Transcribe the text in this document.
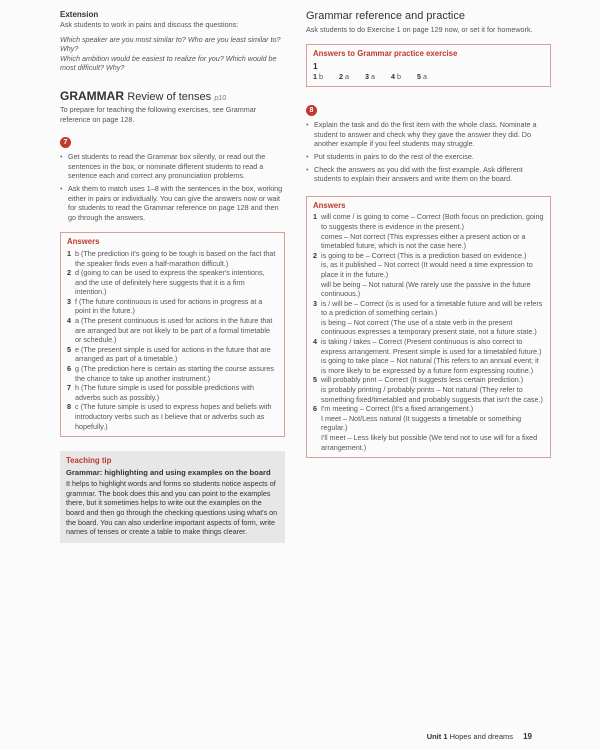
Extension
Ask students to work in pairs and discuss the questions:
Which speaker are you most similar to? Who are you least similar to? Why?
Which ambition would be easiest to realize for you? Which would be most difficult? Why?
GRAMMAR Review of tenses p10
To prepare for teaching the following exercises, see Grammar reference on page 128.
7
• Get students to read the Grammar box silently, or read out the sentences in the box, or nominate different students to read a sentence each and correct any pronunciation problems.
• Ask them to match uses 1–8 with the sentences in the box, working either in pairs or individually. You can give the answers now or wait for students to read the Grammar reference on page 128 and then go through the answers.
Answers
1 b (The prediction it's going to be tough is based on the fact that the speaker finds even a half-marathon difficult.)
2 d (going to can be used to express the speaker's intentions, and the use of definitely here suggests that it is a firm intention.)
3 f (The future continuous is used for actions in progress at a point in the future.)
4 a (The present continuous is used for actions in the future that are arranged but are not likely to be part of a formal timetable or schedule.)
5 e (The present simple is used for actions in the future that are arranged as part of a timetable.)
6 g (The prediction here is certain as starting the course assures the chance to take up another instrument.)
7 h (The future simple is used for possible predictions with adverbs such as possibly.)
8 c (The future simple is used to express hopes and beliefs with introductory verbs such as I believe that or adverbs such as hopefully.)
Teaching tip
Grammar: highlighting and using examples on the board
It helps to highlight words and forms so students notice aspects of grammar. The book does this and you can point to the examples there, but it sometimes helps to write out the examples on the board and then go through the checking questions using what's on the board. You can also underline important aspects of form, write names of tenses or create a table to make things clearer.
Grammar reference and practice
Ask students to do Exercise 1 on page 129 now, or set it for homework.
Answers to Grammar practice exercise
1
1 b 2 a 3 a 4 b 5 a
8
• Explain the task and do the first item with the whole class. Nominate a student to answer and check why they gave the answer they did. Do another example if you feel students may struggle.
• Put students in pairs to do the rest of the exercise.
• Check the answers as you did with the first example. Ask different students to explain their answers and write them on the board.
Answers
1 will come / is going to come – Correct (Both focus on prediction, going to suggests there is evidence in the present.)
comes – Not correct (This expresses either a present action or a timetabled future, which is not the case here.)
2 is going to be – Correct (This is a prediction based on evidence.)
is, as it published – Not correct (It would need a time expression to place it in the future.)
will be being – Not natural (We rarely use the passive in the future continuous.)
3 is / will be – Correct (is is used for a timetable future and will be refers to a prediction of something certain.)
is being – Not correct (The use of a state verb in the present continuous expresses a temporary present state, not a future state.)
4 is taking / takes – Correct (Present continuous is also correct to express arrangement. Present simple is used for a timetabled future.)
is going to take place – Not natural (This refers to an annual event; it is more likely to be expressed by a future form expressing routine.)
5 will probably print – Correct (It suggests less certain prediction.)
is probably printing / probably prints – Not natural (They refer to something fixed/timetabled and probably suggests that isn't the case.)
6 I'm meeting – Correct (It's a fixed arrangement.)
I meet – Not/Less natural (It suggests a timetable or something regular.)
I'll meet – Less likely but possible (We tend not to use will for a fixed arrangement.)
Unit 1 Hopes and dreams 19
